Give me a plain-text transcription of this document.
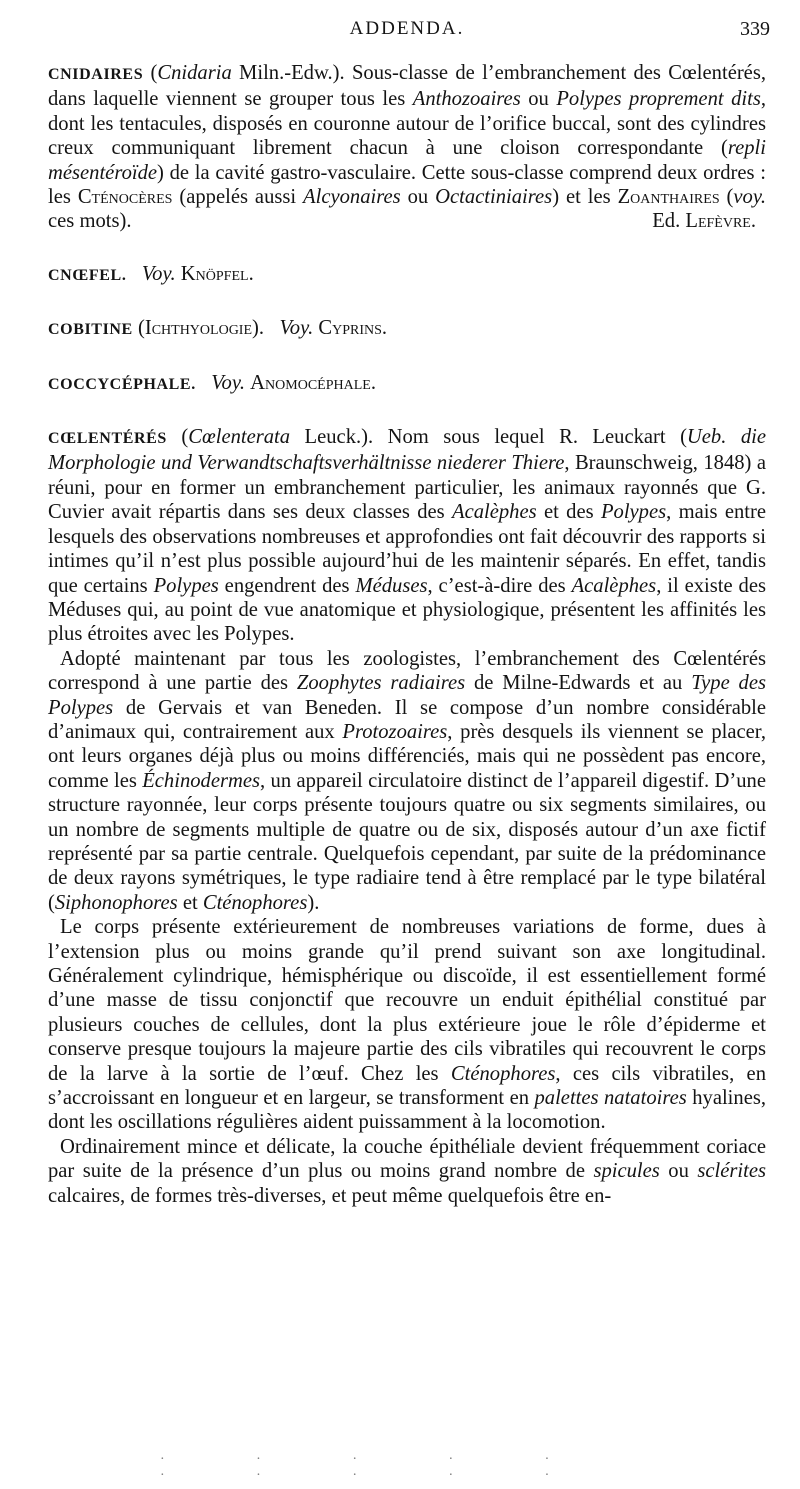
ADDENDA.	339

CNIDAIRES (Cnidaria Miln.-Edw.). Sous-classe de l’embranchement des Cœlentérés, dans laquelle viennent se grouper tous les Anthozoaires ou Polypes proprement dits, dont les tentacules, disposés en couronne autour de l’orifice buccal, sont des cylindres creux communiquant librement chacun à une cloison correspondante (repli mésentéroïde) de la cavité gastro-vasculaire. Cette sous-classe comprend deux ordres : les Cténocères (appelés aussi Alcyonaires ou Octactiniaires) et les Zoanthaires (voy. ces mots).	Ed. Lefèvre.

CNŒFEL. Voy. Knöpfel.

COBITINE (Ichthyologie).   Voy. Cyprins.

COCCYCÉPHALE. Voy. Anomocéphale.

CŒLENTÉRÉS (Cœlenterata Leuck.). Nom sous lequel R. Leuckart (Ueb. die Morphologie und Verwandtschaftsverhältnisse niederer Thiere, Braunschweig, 1848) a réuni, pour en former un embranchement particulier, les animaux rayonnés que G. Cuvier avait répartis dans ses deux classes des Acalèphes et des Polypes, mais entre lesquels des observations nombreuses et approfondies ont fait découvrir des rapports si intimes qu’il n’est plus possible aujourd’hui de les maintenir séparés. En effet, tandis que certains Polypes engendrent des Méduses, c’est-à-dire des Acalèphes, il existe des Méduses qui, au point de vue anatomique et physiologique, présentent les affinités les plus étroites avec les Polypes.

Adopté maintenant par tous les zoologistes, l’embranchement des Cœlentérés correspond à une partie des Zoophytes radiaires de Milne-Edwards et au Type des Polypes de Gervais et van Beneden. Il se compose d’un nombre considérable d’animaux qui, contrairement aux Protozoaires, près desquels ils viennent se placer, ont leurs organes déjà plus ou moins différenciés, mais qui ne possèdent pas encore, comme les Échinodermes, un appareil circulatoire distinct de l’appareil digestif. D’une structure rayonnée, leur corps présente toujours quatre ou six segments similaires, ou un nombre de segments multiple de quatre ou de six, disposés autour d’un axe fictif représenté par sa partie centrale. Quelquefois cependant, par suite de la prédominance de deux rayons symétriques, le type radiaire tend à être remplacé par le type bilatéral (Siphonophores et Cténophores).

Le corps présente extérieurement de nombreuses variations de forme, dues à l’extension plus ou moins grande qu’il prend suivant son axe longitudinal. Généralement cylindrique, hémisphérique ou discoïde, il est essentiellement formé d’une masse de tissu conjonctif que recouvre un enduit épithélial constitué par plusieurs couches de cellules, dont la plus extérieure joue le rôle d’épiderme et conserve presque toujours la majeure partie des cils vibratiles qui recouvrent le corps de la larve à la sortie de l’œuf. Chez les Cténophores, ces cils vibratiles, en s’accroissant en longueur et en largeur, se transforment en palettes natatoires hyalines, dont les oscillations régulières aident puissamment à la locomotion.

Ordinairement mince et délicate, la couche épithéliale devient fréquemment coriace par suite de la présence d’un plus ou moins grand nombre de spicules ou sclérites calcaires, de formes très-diverses, et peut même quelquefois être en-

· · · · · · · · · ·
